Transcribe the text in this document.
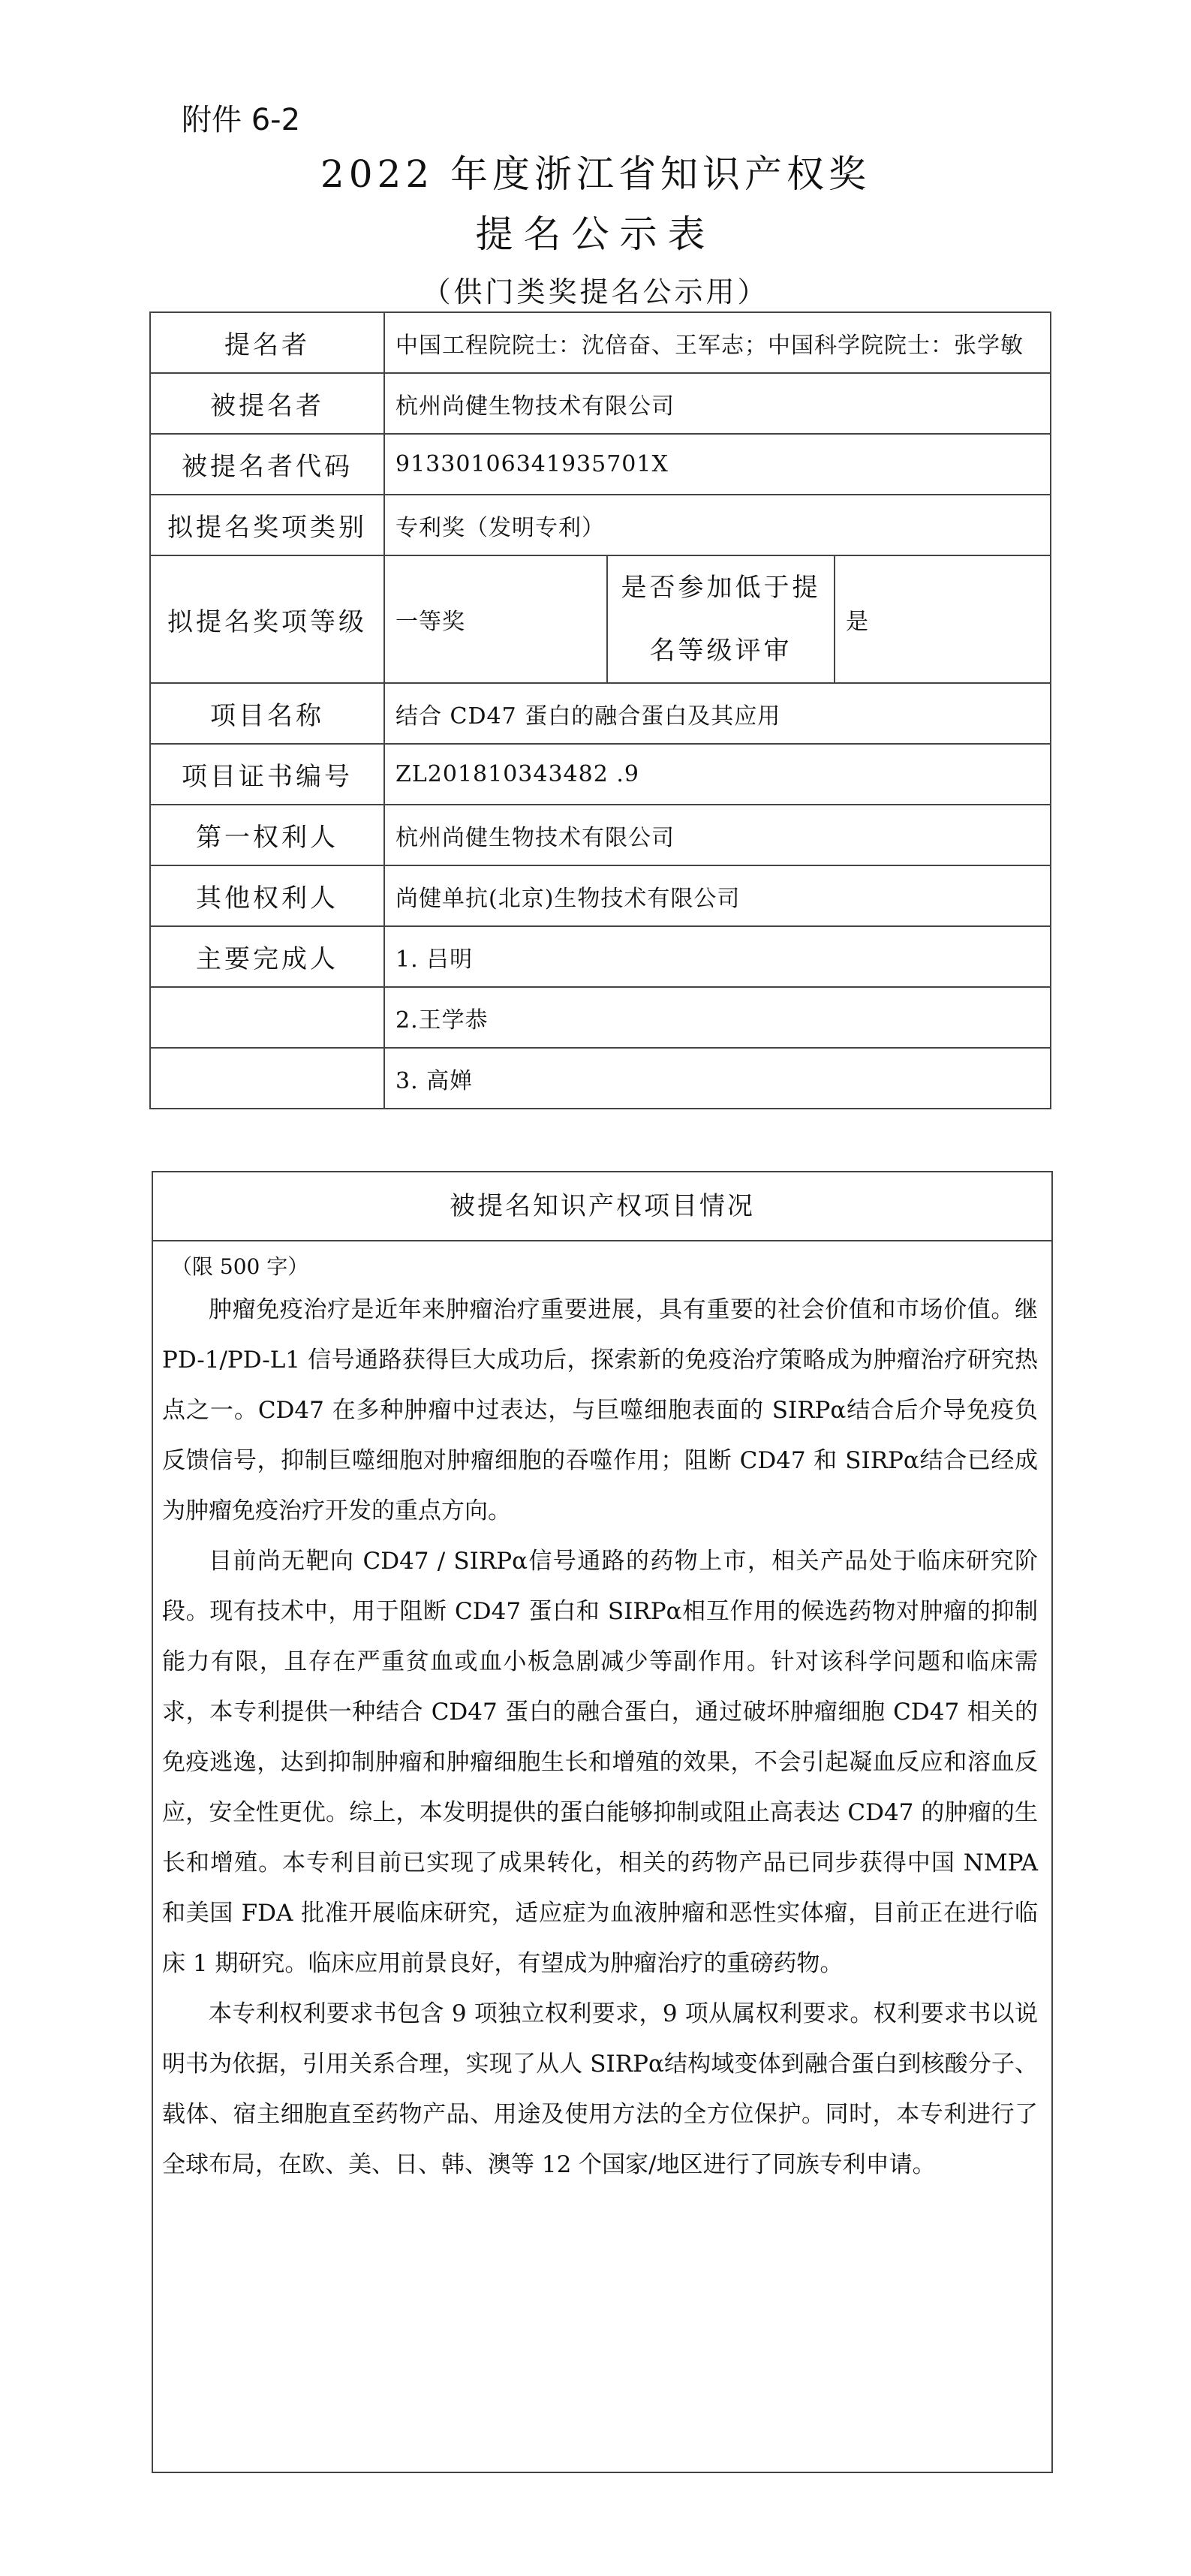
附件 6-2
2022 年度浙江省知识产权奖
提名公示表
（供门类奖提名公示用）
提名者	中国工程院院士：沈倍奋、王军志；中国科学院院士：张学敏		
被提名者	杭州尚健生物技术有限公司		
被提名者代码	91330106341935701X		
拟提名奖项类别	专利奖（发明专利）		
拟提名奖项等级	一等奖	是否参加低于提名等级评审	是
项目名称	结合 CD47 蛋白的融合蛋白及其应用		
项目证书编号	ZL201810343482 .9		
第一权利人	杭州尚健生物技术有限公司		
其他权利人	尚健单抗(北京)生物技术有限公司		
主要完成人	1. 吕明		
	2.王学恭		
	3. 高婵		
被提名知识产权项目情况
（限 500 字）

肿瘤免疫治疗是近年来肿瘤治疗重要进展，具有重要的社会价值和市场价值。继 PD-1/PD-L1 信号通路获得巨大成功后，探索新的免疫治疗策略成为肿瘤治疗研究热点之一。CD47 在多种肿瘤中过表达，与巨噬细胞表面的 SIRPα结合后介导免疫负反馈信号，抑制巨噬细胞对肿瘤细胞的吞噬作用；阻断 CD47 和 SIRPα结合已经成为肿瘤免疫治疗开发的重点方向。

目前尚无靶向 CD47 / SIRPα信号通路的药物上市，相关产品处于临床研究阶段。现有技术中，用于阻断 CD47 蛋白和 SIRPα相互作用的候选药物对肿瘤的抑制能力有限，且存在严重贫血或血小板急剧减少等副作用。针对该科学问题和临床需求，本专利提供一种结合 CD47 蛋白的融合蛋白，通过破坏肿瘤细胞 CD47 相关的免疫逃逸，达到抑制肿瘤和肿瘤细胞生长和增殖的效果，不会引起凝血反应和溶血反应，安全性更优。综上，本发明提供的蛋白能够抑制或阻止高表达 CD47 的肿瘤的生长和增殖。本专利目前已实现了成果转化，相关的药物产品已同步获得中国 NMPA 和美国 FDA 批准开展临床研究，适应症为血液肿瘤和恶性实体瘤，目前正在进行临床 1 期研究。临床应用前景良好，有望成为肿瘤治疗的重磅药物。

本专利权利要求书包含 9 项独立权利要求，9 项从属权利要求。权利要求书以说明书为依据，引用关系合理，实现了从人 SIRPα结构域变体到融合蛋白到核酸分子、载体、宿主细胞直至药物产品、用途及使用方法的全方位保护。同时，本专利进行了全球布局，在欧、美、日、韩、澳等 12 个国家/地区进行了同族专利申请。
